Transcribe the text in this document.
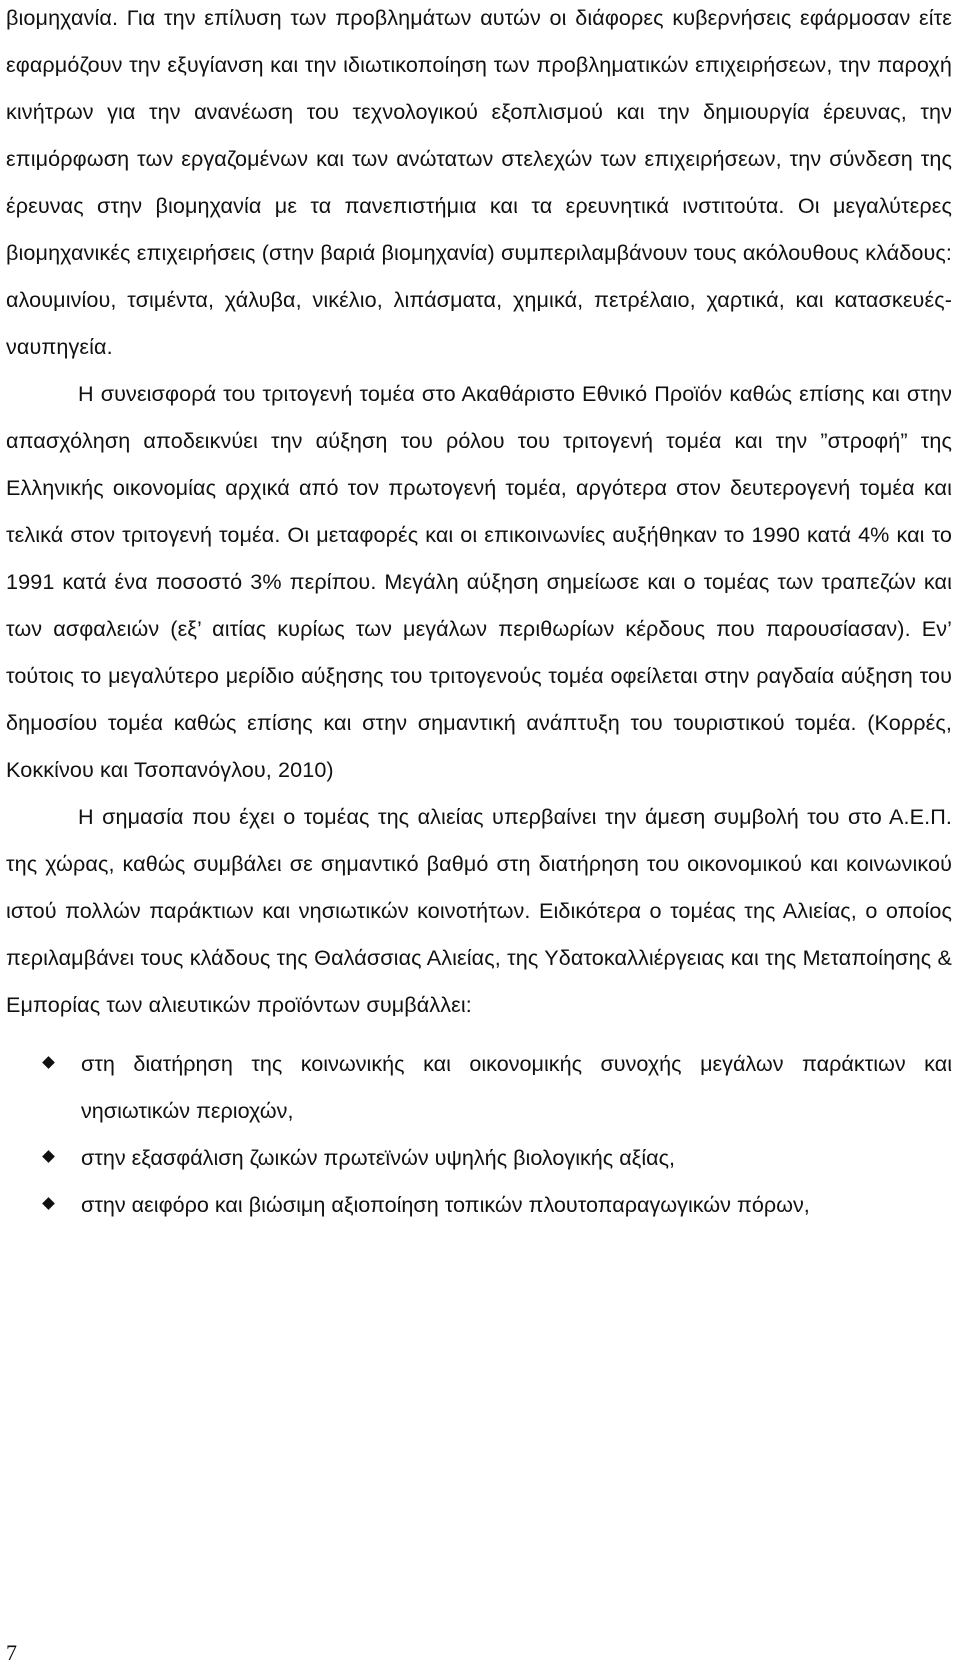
βιομηχανία. Για την επίλυση των προβλημάτων αυτών οι διάφορες κυβερνήσεις εφάρμοσαν είτε εφαρμόζουν την εξυγίανση και την ιδιωτικοποίηση των προβληματικών επιχειρήσεων, την παροχή κινήτρων για την ανανέωση του τεχνολογικού εξοπλισμού και την δημιουργία έρευνας, την επιμόρφωση των εργαζομένων και των ανώτατων στελεχών των επιχειρήσεων, την σύνδεση της έρευνας στην βιομηχανία με τα πανεπιστήμια και τα ερευνητικά ινστιτούτα. Οι μεγαλύτερες βιομηχανικές επιχειρήσεις (στην βαριά βιομηχανία) συμπεριλαμβάνουν τους ακόλουθους κλάδους: αλουμινίου, τσιμέντα, χάλυβα, νικέλιο, λιπάσματα, χημικά, πετρέλαιο, χαρτικά, και κατασκευές-ναυπηγεία.

Η συνεισφορά του τριτογενή τομέα στο Ακαθάριστο Εθνικό Προϊόν καθώς επίσης και στην απασχόληση αποδεικνύει την αύξηση του ρόλου του τριτογενή τομέα και την ”στροφή” της Ελληνικής οικονομίας αρχικά από τον πρωτογενή τομέα, αργότερα στον δευτερογενή τομέα και τελικά στον τριτογενή τομέα. Οι μεταφορές και οι επικοινωνίες αυξήθηκαν το 1990 κατά 4% και το 1991 κατά ένα ποσοστό 3% περίπου. Μεγάλη αύξηση σημείωσε και ο τομέας των τραπεζών και των ασφαλειών (εξ’ αιτίας κυρίως των μεγάλων περιθωρίων κέρδους που παρουσίασαν). Εν’ τούτοις το μεγαλύτερο μερίδιο αύξησης του τριτογενούς τομέα οφείλεται στην ραγδαία αύξηση του δημοσίου τομέα καθώς επίσης και στην σημαντική ανάπτυξη του τουριστικού τομέα. (Κορρές, Κοκκίνου και Τσοπανόγλου, 2010)

Η σημασία που έχει ο τομέας της αλιείας υπερβαίνει την άμεση συμβολή του στο Α.Ε.Π. της χώρας, καθώς συμβάλει σε σημαντικό βαθμό στη διατήρηση του οικονομικού και κοινωνικού ιστού πολλών παράκτιων και νησιωτικών κοινοτήτων. Ειδικότερα ο τομέας της Αλιείας, ο οποίος περιλαμβάνει τους κλάδους της Θαλάσσιας Αλιείας, της Υδατοκαλλιέργειας και της Μεταποίησης & Εμπορίας των αλιευτικών προϊόντων συμβάλλει:

στη διατήρηση της κοινωνικής και οικονομικής συνοχής μεγάλων παράκτιων και νησιωτικών περιοχών,
στην εξασφάλιση ζωικών πρωτεϊνών υψηλής βιολογικής αξίας,
στην αειφόρο και βιώσιμη αξιοποίηση τοπικών πλουτοπαραγωγικών πόρων,
7
